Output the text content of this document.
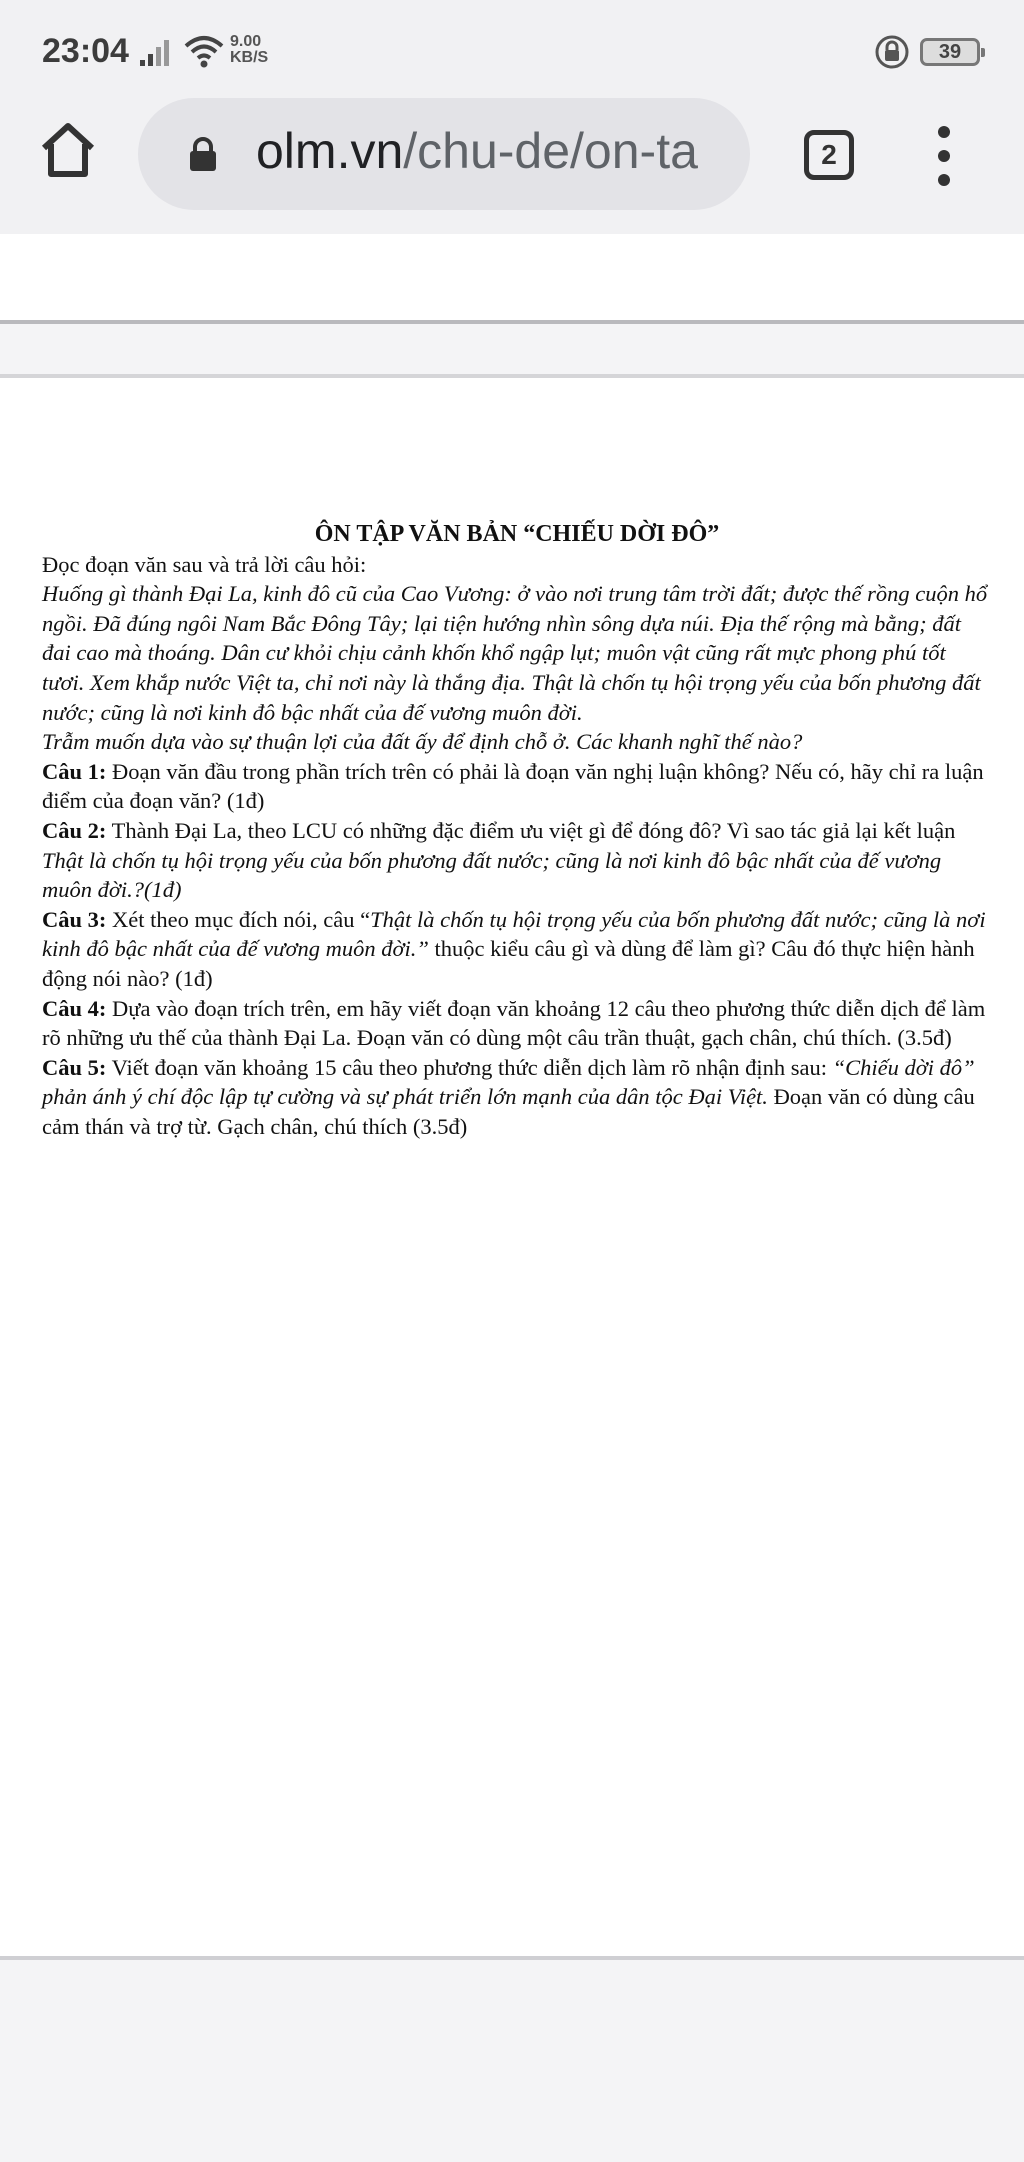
23:04	9.00
KB/S	39
olm.vn/chu-de/on-ta	2

ÔN TẬP VĂN BẢN “CHIẾU DỜI ĐÔ”

Đọc đoạn văn sau và trả lời câu hỏi:

Huống gì thành Đại La, kinh đô cũ của Cao Vương: ở vào nơi trung tâm trời đất; được thế rồng cuộn hổ ngồi. Đã đúng ngôi Nam Bắc Đông Tây; lại tiện hướng nhìn sông dựa núi. Địa thế rộng mà bằng; đất đai cao mà thoáng. Dân cư khỏi chịu cảnh khốn khổ ngập lụt; muôn vật cũng rất mực phong phú tốt tươi. Xem khắp nước Việt ta, chỉ nơi này là thắng địa. Thật là chốn tụ hội trọng yếu của bốn phương đất nước; cũng là nơi kinh đô bậc nhất của đế vương muôn đời.

Trẫm muốn dựa vào sự thuận lợi của đất ấy để định chỗ ở. Các khanh nghĩ thế nào?

Câu 1: Đoạn văn đầu trong phần trích trên có phải là đoạn văn nghị luận không? Nếu có, hãy chỉ ra luận điểm của đoạn văn? (1đ)

Câu 2: Thành Đại La, theo LCU có những đặc điểm ưu việt gì để đóng đô? Vì sao tác giả lại kết luận Thật là chốn tụ hội trọng yếu của bốn phương đất nước; cũng là nơi kinh đô bậc nhất của đế vương muôn đời.?(1đ)

Câu 3: Xét theo mục đích nói, câu “Thật là chốn tụ hội trọng yếu của bốn phương đất nước; cũng là nơi kinh đô bậc nhất của đế vương muôn đời.” thuộc kiểu câu gì và dùng để làm gì? Câu đó thực hiện hành động nói nào? (1đ)

Câu 4: Dựa vào đoạn trích trên, em hãy viết đoạn văn khoảng 12 câu theo phương thức diễn dịch để làm rõ những ưu thế của thành Đại La. Đoạn văn có dùng một câu trần thuật, gạch chân, chú thích. (3.5đ)

Câu 5: Viết đoạn văn khoảng 15 câu theo phương thức diễn dịch làm rõ nhận định sau: “Chiếu dời đô” phản ánh ý chí độc lập tự cường và sự phát triển lớn mạnh của dân tộc Đại Việt. Đoạn văn có dùng câu cảm thán và trợ từ. Gạch chân, chú thích (3.5đ)
